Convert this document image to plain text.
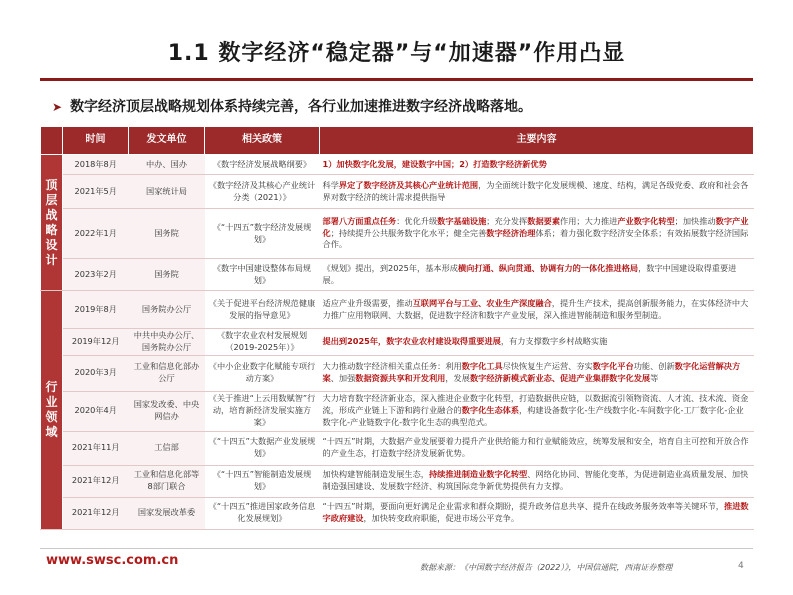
1.1 数字经济“稳定器”与“加速器”作用凸显
➤ 数字经济顶层战略规划体系持续完善，各行业加速推进数字经济战略落地。
	时间	发文单位	相关政策	主要内容
顶层战略设计	2018年8月	中办、国办	《数字经济发展战略纲要》	1）加快数字化发展，建设数字中国；2）打造数字经济新优势
	2021年5月	国家统计局	《数字经济及其核心产业统计分类（2021）》	科学界定了数字经济及其核心产业统计范围，为全面统计数字化发展规模、速度、结构，满足各级党委、政府和社会各界对数字经济的统计需求提供指导
	2022年1月	国务院	《“十四五”数字经济发展规划》	部署八方面重点任务：优化升级数字基础设施；充分发挥数据要素作用；大力推进产业数字化转型；加快推动数字产业化；持续提升公共服务数字化水平；健全完善数字经济治理体系；着力强化数字经济安全体系；有效拓展数字经济国际合作。
	2023年2月	国务院	《数字中国建设整体布局规划》	《规划》提出，到2025年，基本形成横向打通、纵向贯通、协调有力的一体化推进格局，数字中国建设取得重要进展。
行业领域	2019年8月	国务院办公厅	《关于促进平台经济规范健康发展的指导意见》	适应产业升级需要，推动互联网平台与工业、农业生产深度融合，提升生产技术，提高创新服务能力，在实体经济中大力推广应用物联网、大数据，促进数字经济和数字产业发展，深入推进智能制造和服务型制造。
	2019年12月	中共中央办公厅、国务院办公厅	《数字农业农村发展规划（2019-2025年）》	提出到2025年，数字农业农村建设取得重要进展，有力支撑数字乡村战略实施
	2020年3月	工业和信息化部办公厅	《中小企业数字化赋能专项行动方案》	大力推动数字经济相关重点任务：利用数字化工具尽快恢复生产运营、夯实数字化平台功能、创新数字化运营解决方案、加强数据资源共享和开发利用，发展数字经济新模式新业态、促进产业集群数字化发展等
	2020年4月	国家发改委、中央网信办	《关于推进“上云用数赋智”行动，培育新经济发展实施方案》	大力培育数字经济新业态，深入推进企业数字化转型，打造数据供应链，以数据流引领物资流、人才流、技术流、资金流，形成产业链上下游和跨行业融合的数字化生态体系，构建设备数字化-生产线数字化-车间数字化-工厂数字化-企业数字化-产业链数字化-数字化生态的典型范式。
	2021年11月	工信部	《“十四五”大数据产业发展规划》	“十四五”时期，大数据产业发展要着力提升产业供给能力和行业赋能效应，统筹发展和安全，培育自主可控和开放合作的产业生态，打造数字经济发展新优势。
	2021年12月	工业和信息化部等8部门联合	《“十四五”智能制造发展规划》	加快构建智能制造发展生态，持续推进制造业数字化转型、网络化协同、智能化变革，为促进制造业高质量发展、加快制造强国建设、发展数字经济、构筑国际竞争新优势提供有力支撑。
	2021年12月	国家发展改革委	《“十四五”推进国家政务信息化发展规划》	“十四五”时期，要面向更好满足企业需求和群众期盼，提升政务信息共享、提升在线政务服务效率等关键环节，推进数字政府建设，加快转变政府职能，促进市场公平竞争。
www.swsc.com.cn	数据来源：《中国数字经济报告（2022）》，中国信通院，西南证券整理	4
